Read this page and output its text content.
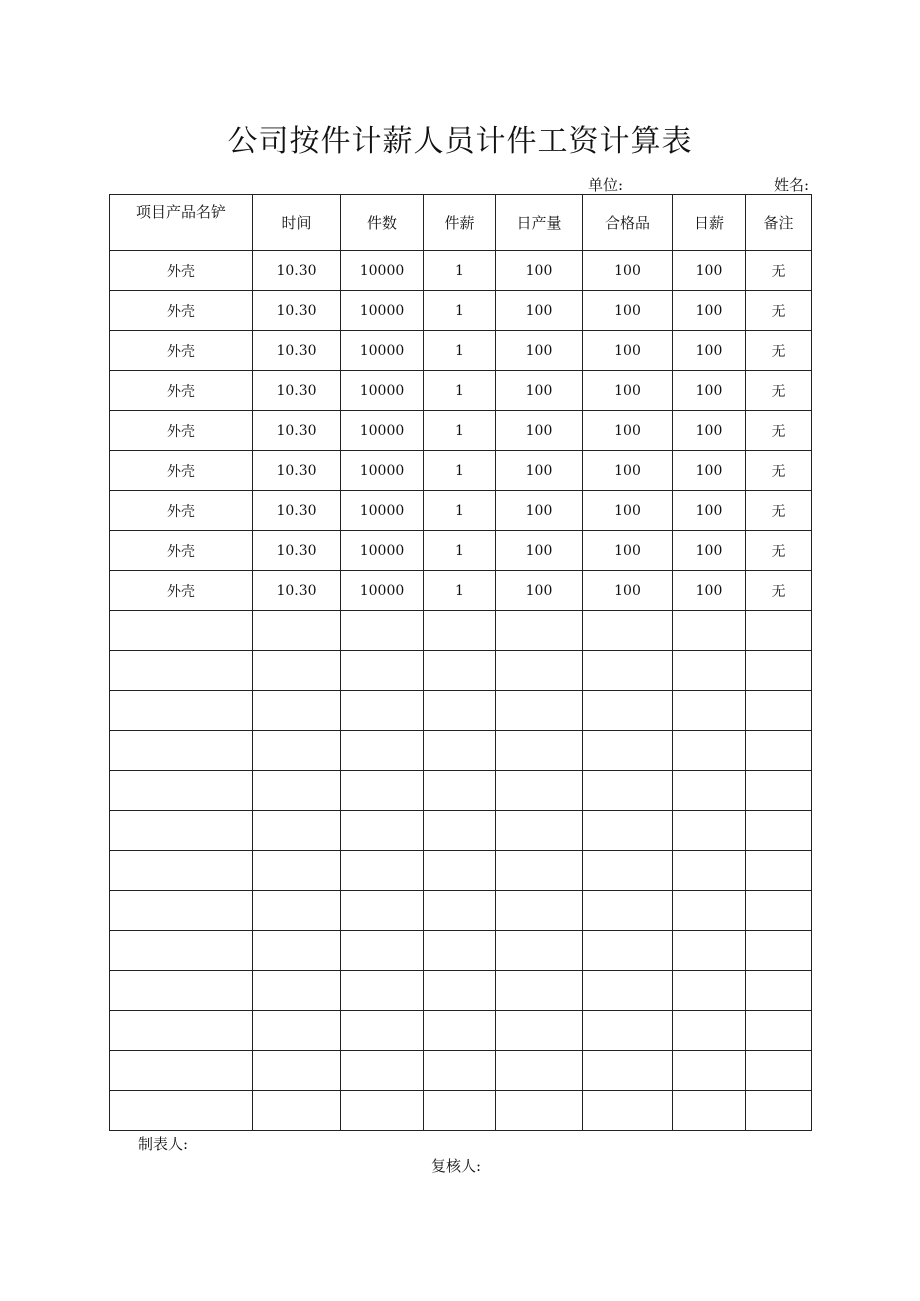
公司按件计薪人员计件工资计算表
单位:	姓名:
项目产品名铲	时间	件数	件薪	日产量	合格品	日薪	备注
外壳	10.30	10000	1	100	100	100	无
外壳	10.30	10000	1	100	100	100	无
外壳	10.30	10000	1	100	100	100	无
外壳	10.30	10000	1	100	100	100	无
外壳	10.30	10000	1	100	100	100	无
外壳	10.30	10000	1	100	100	100	无
外壳	10.30	10000	1	100	100	100	无
外壳	10.30	10000	1	100	100	100	无
外壳	10.30	10000	1	100	100	100	无

制表人:
复核人:
